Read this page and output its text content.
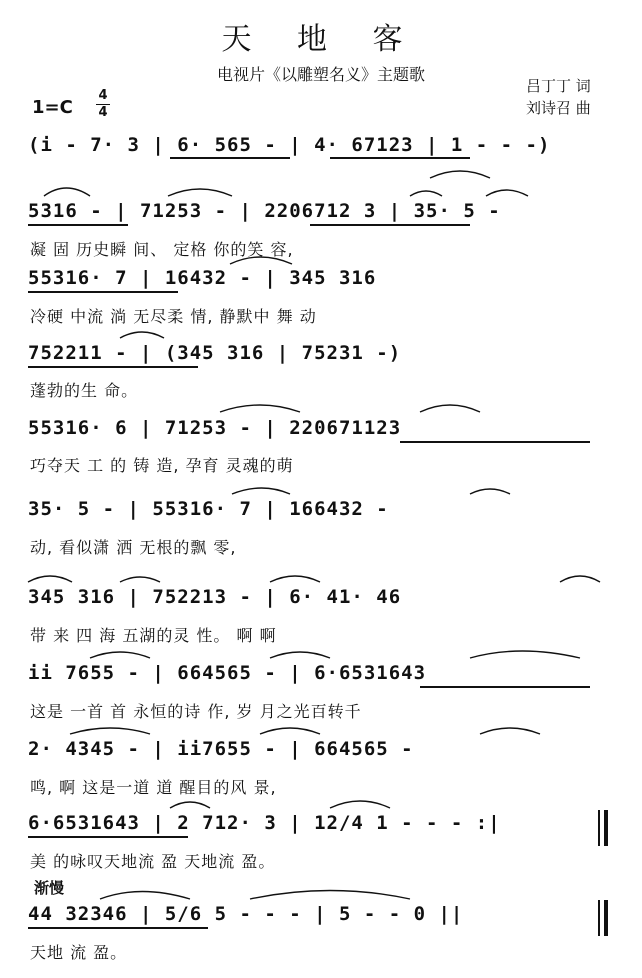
天 地 客
电视片《以雕塑名义》主题歌
吕丁丁 词
刘诗召 曲
1=C
4
4
渐慢
(i - 7· 3 | 6· 565 - | 4· 67123 | 1 - - -)
5316 - | 71253 - | 2206712 3 | 35· 5 -
凝 固 历史瞬 间、 定格 你的笑 容,
55316· 7 | 16432 - | 345 316
冷硬 中流 淌 无尽柔 情, 静默中 舞 动
752211 - | (345 316 | 75231 -)
蓬勃的生 命。
55316· 6 | 71253 - | 220671123
巧夺天 工 的 铸 造, 孕育 灵魂的萌
35· 5 - | 55316· 7 | 166432 -
动, 看似潇 洒 无根的飘 零,
345 316 | 752213 - | 6· 41· 46
带 来 四 海 五湖的灵 性。 啊 啊
ii 7655 - | 664565 - | 6·6531643
这是 一首 首 永恒的诗 作, 岁 月之光百转千
2· 4345 - | ii7655 - | 664565 -
鸣, 啊 这是一道 道 醒目的风 景,
6·6531643 | 2 712· 3 | 12/4 1 - - - :|
美 的咏叹天地流 盈 天地流 盈。
44 32346 | 5/6 5 - - - | 5 - - 0 ||
天地 流 盈。
